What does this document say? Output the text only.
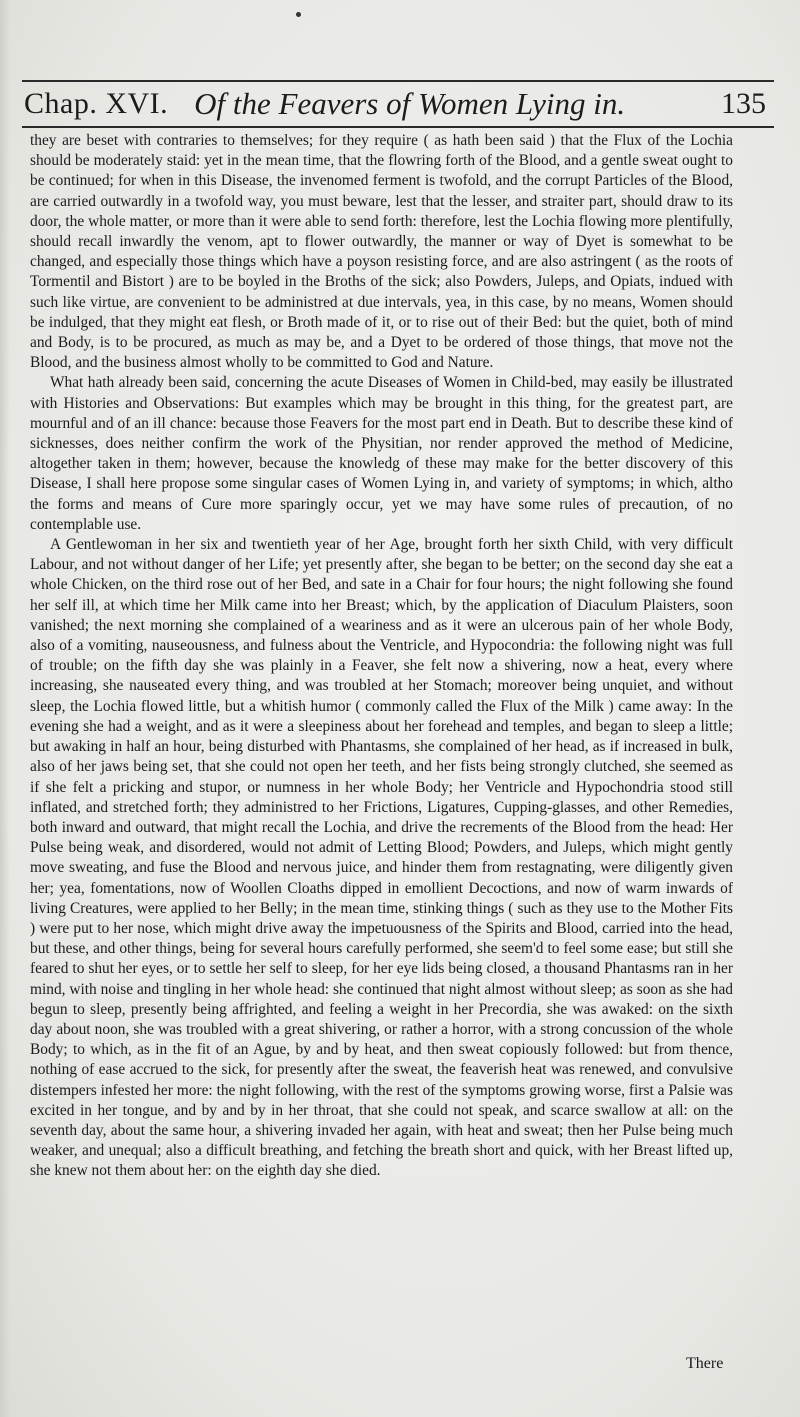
Chap. XVI. Of the Feavers of Women Lying in.	135

they are beset with contraries to themselves; for they require ( as hath been said ) that the Flux of the Lochia should be moderately staid: yet in the mean time, that the flowring forth of the Blood, and a gentle sweat ought to be continued; for when in this Disease, the invenomed ferment is twofold, and the corrupt Particles of the Blood, are carried outwardly in a twofold way, you must beware, lest that the lesser, and straiter part, should draw to its door, the whole matter, or more than it were able to send forth: therefore, lest the Lochia flowing more plentifully, should recall inwardly the venom, apt to flower outwardly, the manner or way of Dyet is somewhat to be changed, and especially those things which have a poyson resisting force, and are also astringent ( as the roots of Tormentil and Bistort ) are to be boyled in the Broths of the sick; also Powders, Juleps, and Opiats, indued with such like virtue, are convenient to be administred at due intervals, yea, in this case, by no means, Women should be indulged, that they might eat flesh, or Broth made of it, or to rise out of their Bed: but the quiet, both of mind and Body, is to be procured, as much as may be, and a Dyet to be ordered of those things, that move not the Blood, and the business almost wholly to be committed to God and Nature.

What hath already been said, concerning the acute Diseases of Women in Child-bed, may easily be illustrated with Histories and Observations: But examples which may be brought in this thing, for the greatest part, are mournful and of an ill chance: because those Feavers for the most part end in Death. But to describe these kind of sicknesses, does neither confirm the work of the Physitian, nor render approved the method of Medicine, altogether taken in them; however, because the knowledg of these may make for the better discovery of this Disease, I shall here propose some singular cases of Women Lying in, and variety of symptoms; in which, altho the forms and means of Cure more sparingly occur, yet we may have some rules of precaution, of no contemplable use.

A Gentlewoman in her six and twentieth year of her Age, brought forth her sixth Child, with very difficult Labour, and not without danger of her Life; yet presently after, she began to be better; on the second day she eat a whole Chicken, on the third rose out of her Bed, and sate in a Chair for four hours; the night following she found her self ill, at which time her Milk came into her Breast; which, by the application of Diaculum Plaisters, soon vanished; the next morning she complained of a weariness and as it were an ulcerous pain of her whole Body, also of a vomiting, nauseousness, and fulness about the Ventricle, and Hypocondria: the following night was full of trouble; on the fifth day she was plainly in a Feaver, she felt now a shivering, now a heat, every where increasing, she nauseated every thing, and was troubled at her Stomach; moreover being unquiet, and without sleep, the Lochia flowed little, but a whitish humor ( commonly called the Flux of the Milk ) came away: In the evening she had a weight, and as it were a sleepiness about her forehead and temples, and began to sleep a little; but awaking in half an hour, being disturbed with Phantasms, she complained of her head, as if increased in bulk, also of her jaws being set, that she could not open her teeth, and her fists being strongly clutched, she seemed as if she felt a pricking and stupor, or numness in her whole Body; her Ventricle and Hypochondria stood still inflated, and stretched forth; they administred to her Frictions, Ligatures, Cupping-glasses, and other Remedies, both inward and outward, that might recall the Lochia, and drive the recrements of the Blood from the head: Her Pulse being weak, and disordered, would not admit of Letting Blood; Powders, and Juleps, which might gently move sweating, and fuse the Blood and nervous juice, and hinder them from restagnating, were diligently given her; yea, fomentations, now of Woollen Cloaths dipped in emollient Decoctions, and now of warm inwards of living Creatures, were applied to her Belly; in the mean time, stinking things ( such as they use to the Mother Fits ) were put to her nose, which might drive away the impetuousness of the Spirits and Blood, carried into the head, but these, and other things, being for several hours carefully performed, she seem'd to feel some ease; but still she feared to shut her eyes, or to settle her self to sleep, for her eye lids being closed, a thousand Phantasms ran in her mind, with noise and tingling in her whole head: she continued that night almost without sleep; as soon as she had begun to sleep, presently being affrighted, and feeling a weight in her Precordia, she was awaked: on the sixth day about noon, she was troubled with a great shivering, or rather a horror, with a strong concussion of the whole Body; to which, as in the fit of an Ague, by and by heat, and then sweat copiously followed: but from thence, nothing of ease accrued to the sick, for presently after the sweat, the feaverish heat was renewed, and convulsive distempers infested her more: the night following, with the rest of the symptoms growing worse, first a Palsie was excited in her tongue, and by and by in her throat, that she could not speak, and scarce swallow at all: on the seventh day, about the same hour, a shivering invaded her again, with heat and sweat; then her Pulse being much weaker, and unequal; also a difficult breathing, and fetching the breath short and quick, with her Breast lifted up, she knew not them about her: on the eighth day she died.

There
